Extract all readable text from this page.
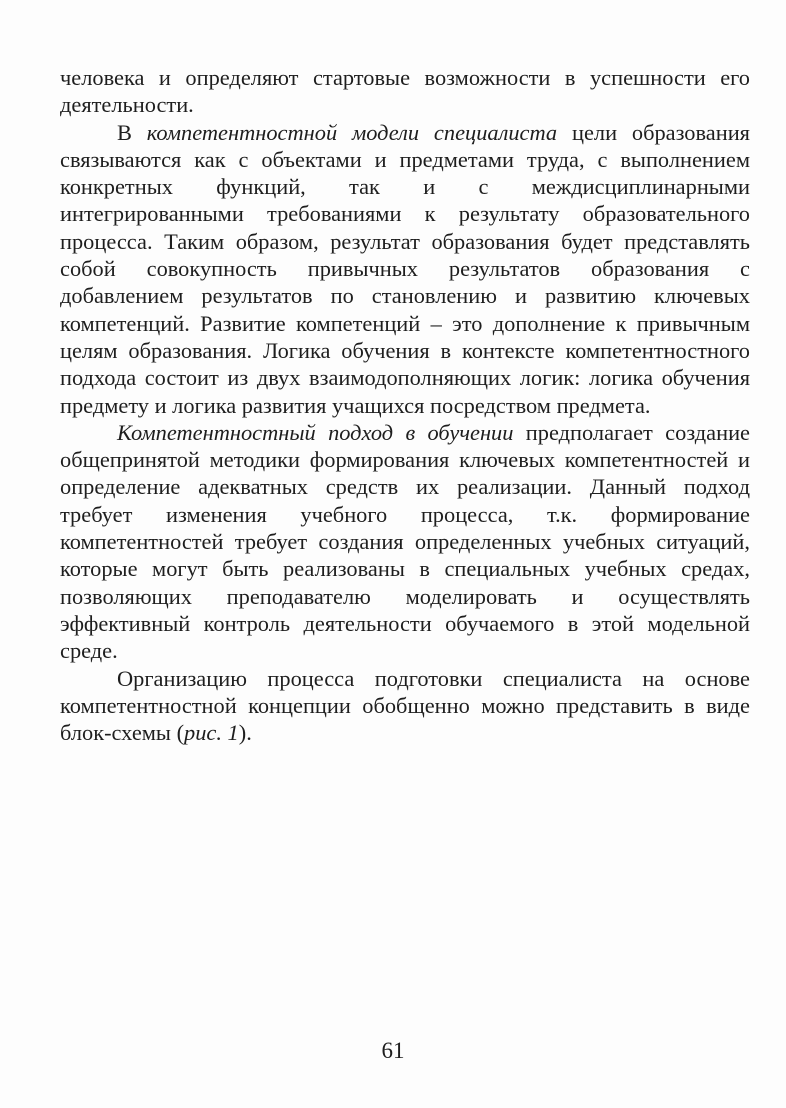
человека и определяют стартовые возможности в успешности его деятельности.

В компетентностной модели специалиста цели образования связываются как с объектами и предметами труда, с выполнением конкретных функций, так и с междисциплинарными интегрированными требованиями к результату образовательного процесса. Таким образом, результат образования будет представлять собой совокупность привычных результатов образования с добавлением результатов по становлению и развитию ключевых компетенций. Развитие компетенций – это дополнение к привычным целям образования. Логика обучения в контексте компетентностного подхода состоит из двух взаимодополняющих логик: логика обучения предмету и логика развития учащихся посредством предмета.

Компетентностный подход в обучении предполагает создание общепринятой методики формирования ключевых компетентностей и определение адекватных средств их реализации. Данный подход требует изменения учебного процесса, т.к. формирование компетентностей требует создания определенных учебных ситуаций, которые могут быть реализованы в специальных учебных средах, позволяющих преподавателю моделировать и осуществлять эффективный контроль деятельности обучаемого в этой модельной среде.

Организацию процесса подготовки специалиста на основе компетентностной концепции обобщенно можно представить в виде блок-схемы (рис. 1).

61
